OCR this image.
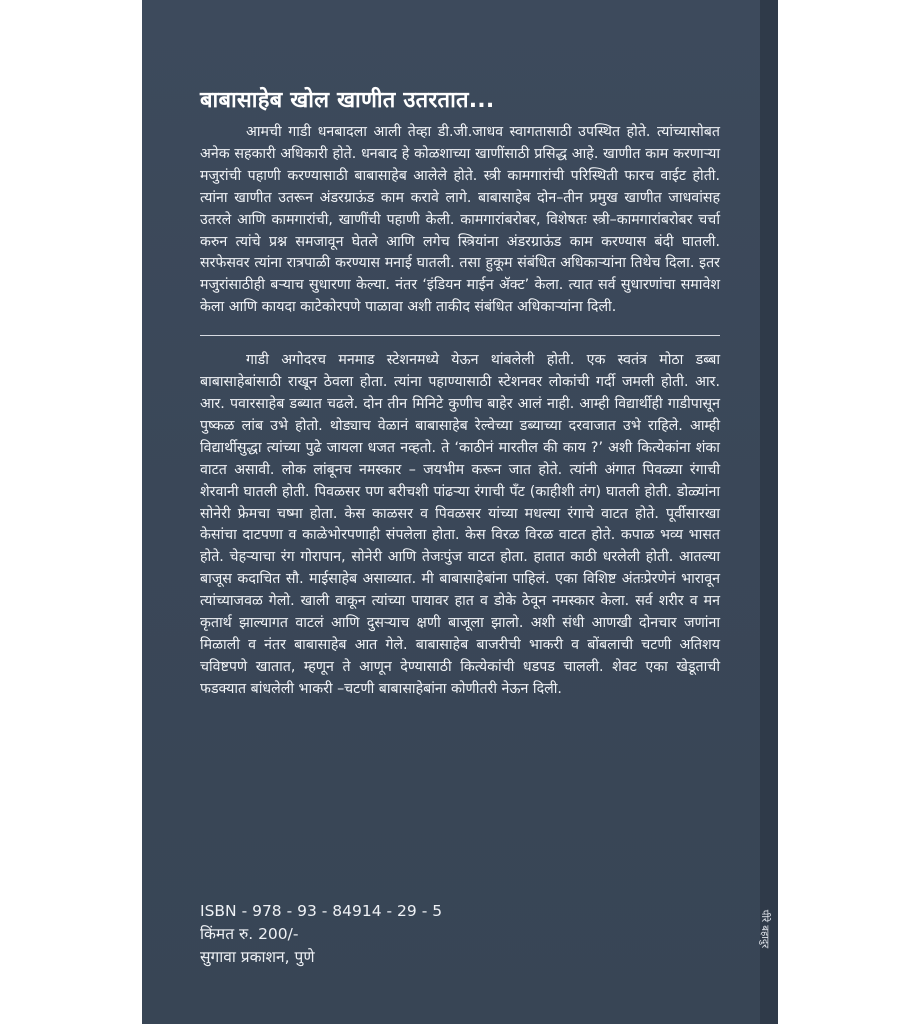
बाबासाहेब खोल खाणीत उतरतात...

आमची गाडी धनबादला आली तेव्हा डी.जी.जाधव स्वागतासाठी उपस्थित होते. त्यांच्यासोबत अनेक सहकारी अधिकारी होते. धनबाद हे कोळशाच्या खाणींसाठी प्रसिद्ध आहे. खाणीत काम करणाऱ्या मजुरांची पहाणी करण्यासाठी बाबासाहेब आलेले होते. स्त्री कामगारांची परिस्थिती फारच वाईट होती. त्यांना खाणीत उतरून अंडरग्राऊंड काम करावे लागे. बाबासाहेब दोन–तीन प्रमुख खाणीत जाधवांसह उतरले आणि कामगारांची, खाणींची पहाणी केली. कामगारांबरोबर, विशेषतः स्त्री–कामगारांबरोबर चर्चा करुन त्यांचे प्रश्न समजावून घेतले आणि लगेच स्त्रियांना अंडरग्राऊंड काम करण्यास बंदी घातली. सरफेसवर त्यांना रात्रपाळी करण्यास मनाई घातली. तसा हुकूम संबंधित अधिकाऱ्यांना तिथेच दिला. इतर मजुरांसाठीही बऱ्याच सुधारणा केल्या. नंतर ‘इंडियन माईन ॲक्ट’ केला. त्यात सर्व सुधारणांचा समावेश केला आणि कायदा काटेकोरपणे पाळावा अशी ताकीद संबंधित अधिकाऱ्यांना दिली.

गाडी अगोदरच मनमाड स्टेशनमध्ये येऊन थांबलेली होती. एक स्वतंत्र मोठा डब्बा बाबासाहेबांसाठी राखून ठेवला होता. त्यांना पहाण्यासाठी स्टेशनवर लोकांची गर्दी जमली होती. आर. आर. पवारसाहेब डब्यात चढले. दोन तीन मिनिटे कुणीच बाहेर आलं नाही. आम्ही विद्यार्थीही गाडीपासून पुष्कळ लांब उभे होतो. थोड्याच वेळानं बाबासाहेब रेल्वेच्या डब्याच्या दरवाजात उभे राहिले. आम्ही विद्यार्थीसुद्धा त्यांच्या पुढे जायला धजत नव्हतो. ते ‘काठीनं मारतील की काय ?’ अशी कित्येकांना शंका वाटत असावी. लोक लांबूनच नमस्कार – जयभीम करून जात होते. त्यांनी अंगात पिवळ्या रंगाची शेरवानी घातली होती. पिवळसर पण बरीचशी पांढऱ्या रंगाची पँट (काहीशी तंग) घातली होती. डोळ्यांना सोनेरी फ्रेमचा चष्मा होता. केस काळसर व पिवळसर यांच्या मधल्या रंगाचे वाटत होते. पूर्वीसारखा केसांचा दाटपणा व काळेभोरपणाही संपलेला होता. केस विरळ विरळ वाटत होते. कपाळ भव्य भासत होते. चेहऱ्याचा रंग गोरापान, सोनेरी आणि तेजःपुंज वाटत होता. हातात काठी धरलेली होती. आतल्या बाजूस कदाचित सौ. माईसाहेब असाव्यात. मी बाबासाहेबांना पाहिलं. एका विशिष्ट अंतःप्रेरणेनं भारावून त्यांच्याजवळ गेलो. खाली वाकून त्यांच्या पायावर हात व डोके ठेवून नमस्कार केला. सर्व शरीर व मन कृतार्थ झाल्यागत वाटलं आणि दुसऱ्याच क्षणी बाजूला झालो. अशी संधी आणखी दोनचार जणांना मिळाली व नंतर बाबासाहेब आत गेले. बाबासाहेब बाजरीची भाकरी व बोंबलाची चटणी अतिशय चविष्टपणे खातात, म्हणून ते आणून देण्यासाठी कित्येकांची धडपड चालली. शेवट एका खेडूताची फडक्यात बांधलेली भाकरी –चटणी बाबासाहेबांना कोणीतरी नेऊन दिली.

ISBN - 978 - 93 - 84914 - 29 - 5
किंमत रु. 200/-
सुगावा प्रकाशन, पुणे
पीरे बहादुर
